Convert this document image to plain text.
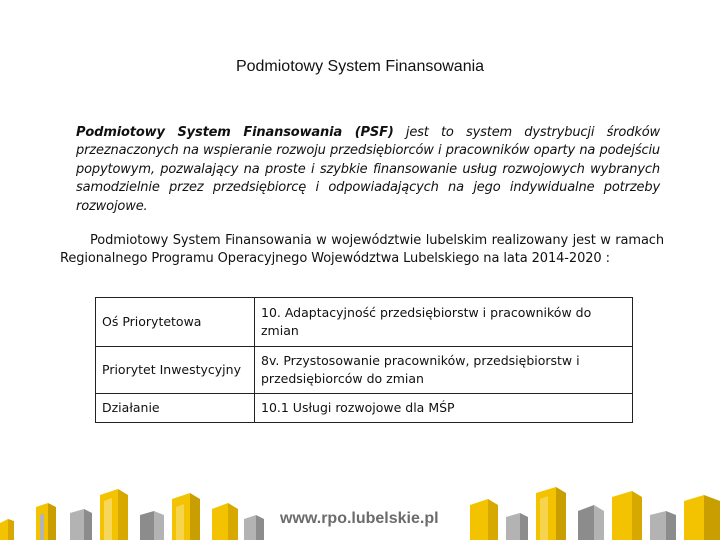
Podmiotowy System Finansowania
Podmiotowy System Finansowania (PSF) jest to system dystrybucji środków przeznaczonych na wspieranie rozwoju przedsiębiorców i pracowników oparty na podejściu popytowym, pozwalający na proste i szybkie finansowanie usług rozwojowych wybranych samodzielnie przez przedsiębiorcę i odpowiadających na jego indywidualne potrzeby rozwojowe.
Podmiotowy System Finansowania w województwie lubelskim realizowany jest w ramach Regionalnego Programu Operacyjnego Województwa Lubelskiego na lata 2014-2020 :
Oś Priorytetowa	10. Adaptacyjność przedsiębiorstw i pracowników do zmian
Priorytet Inwestycyjny	8v. Przystosowanie pracowników, przedsiębiorstw i przedsiębiorców do zmian
Działanie	10.1 Usługi rozwojowe dla MŚP
www.rpo.lubelskie.pl
